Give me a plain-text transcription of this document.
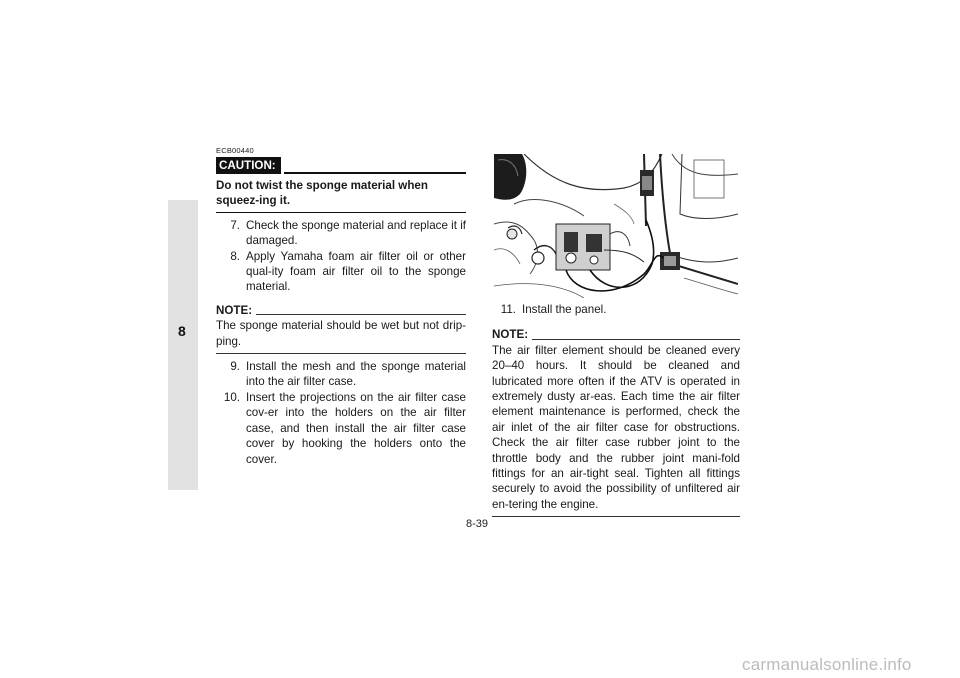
8
ECB00440
CAUTION:
Do not twist the sponge material when squeez-ing it.
7. Check the sponge material and replace it if damaged.
8. Apply Yamaha foam air filter oil or other qual-ity foam air filter oil to the sponge material.
NOTE:
The sponge material should be wet but not drip-ping.
9. Install the mesh and the sponge material into the air filter case.
10. Insert the projections on the air filter case cov-er into the holders on the air filter case, and then install the air filter case cover by hooking the holders onto the cover.
11. Install the panel.
NOTE:
The air filter element should be cleaned every 20–40 hours. It should be cleaned and lubricated more often if the ATV is operated in extremely dusty ar-eas. Each time the air filter element maintenance is performed, check the air inlet of the air filter case for obstructions. Check the air filter case rubber joint to the throttle body and the rubber joint mani-fold fittings for an air-tight seal. Tighten all fittings securely to avoid the possibility of unfiltered air en-tering the engine.
8-39
carmanualsonline.info
